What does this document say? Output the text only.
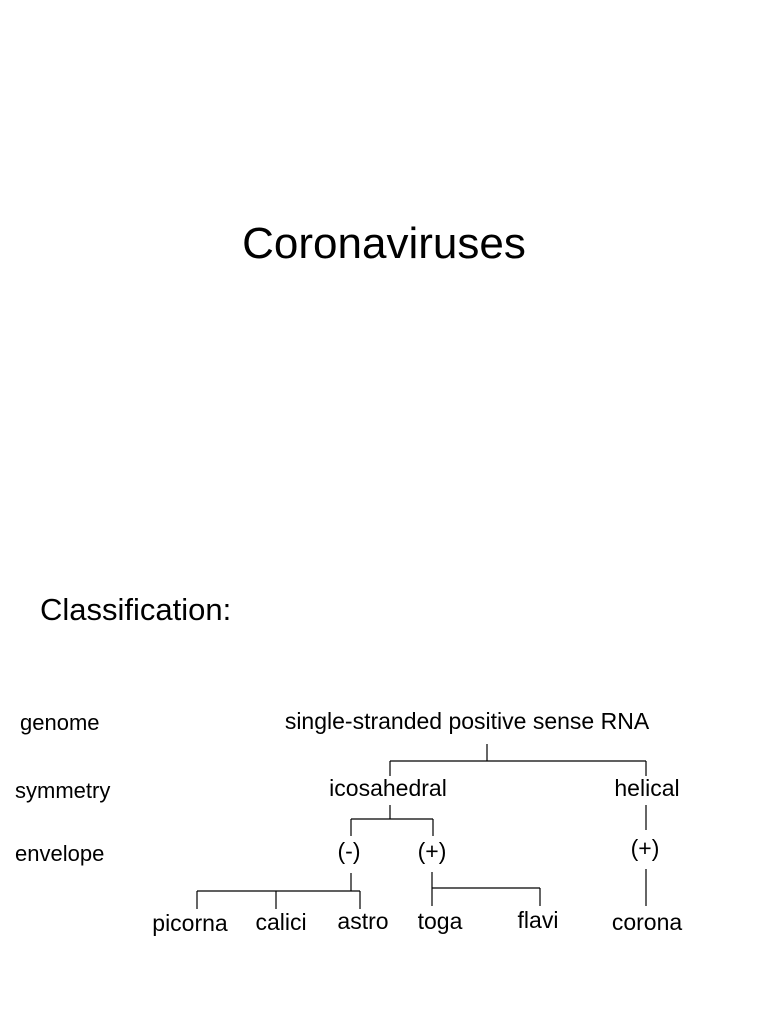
Coronaviruses
Classification:
genome
symmetry
envelope
single-stranded positive sense RNA
icosahedral	helical
(-) (+)	(+)
picorna calici astro toga flavi corona
